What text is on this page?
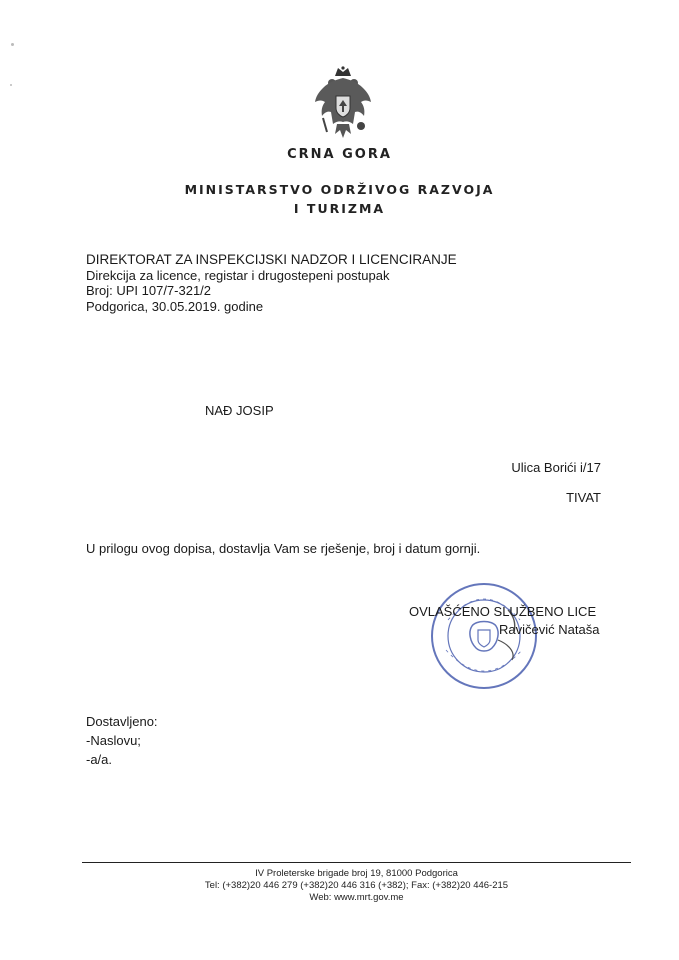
CRNA GORA
MINISTARSTVO ODRŽIVOG RAZVOJA
I TURIZMA
DIREKTORAT ZA INSPEKCIJSKI NADZOR I LICENCIRANJE
Direkcija za licence, registar i drugostepeni postupak
Broj: UPI 107/7-321/2
Podgorica, 30.05.2019. godine
NAĐ JOSIP
Ulica Borići i/17
TIVAT
U prilogu ovog dopisa, dostavlja Vam se rješenje, broj i datum gornji.
OVLAŠĆENO SLUŽBENO LICE
Ravičević Nataša
Dostavljeno:
-Naslovu;
-a/a.
IV Proleterske brigade broj 19, 81000 Podgorica
Tel: (+382)20 446 279 (+382)20 446 316 (+382); Fax: (+382)20 446-215
Web: www.mrt.gov.me
